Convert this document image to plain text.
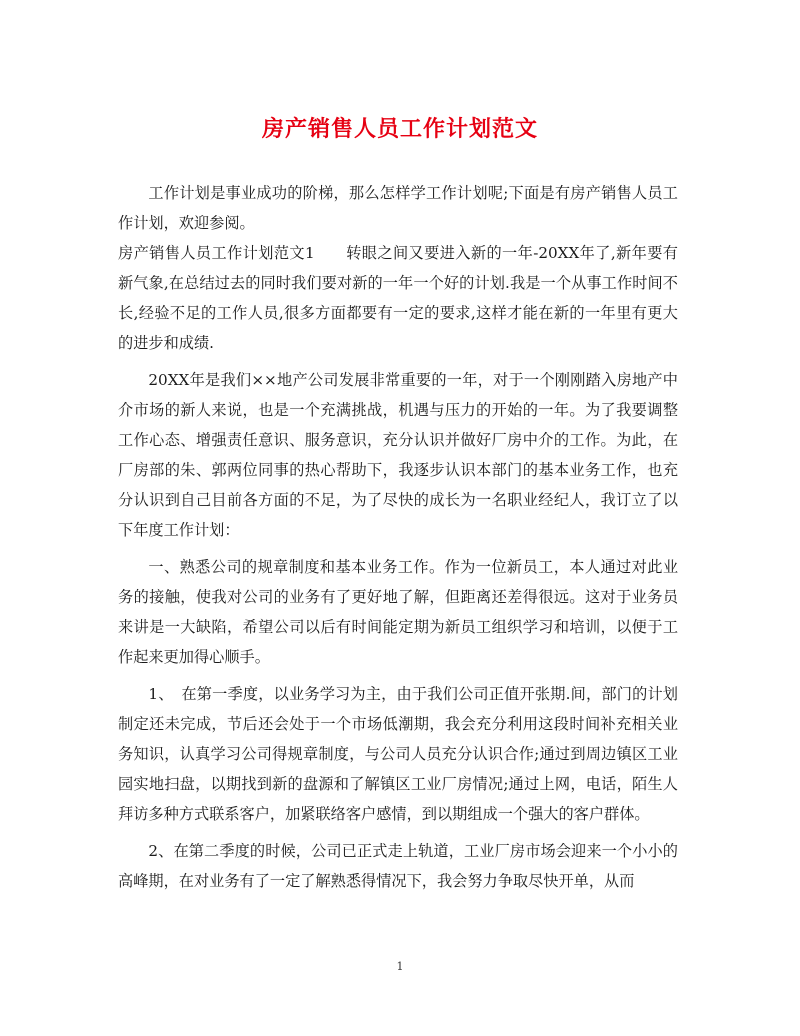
房产销售人员工作计划范文

工作计划是事业成功的阶梯，那么怎样学工作计划呢;下面是有房产销售人员工作计划，欢迎参阅。

房产销售人员工作计划范文1　　转眼之间又要进入新的一年-20XX年了,新年要有新气象,在总结过去的同时我们要对新的一年一个好的计划.我是一个从事工作时间不长,经验不足的工作人员,很多方面都要有一定的要求,这样才能在新的一年里有更大的进步和成绩.

20XX年是我们××地产公司发展非常重要的一年，对于一个刚刚踏入房地产中介市场的新人来说，也是一个充满挑战，机遇与压力的开始的一年。为了我要调整工作心态、增强责任意识、服务意识，充分认识并做好厂房中介的工作。为此，在厂房部的朱、郭两位同事的热心帮助下，我逐步认识本部门的基本业务工作，也充分认识到自己目前各方面的不足，为了尽快的成长为一名职业经纪人，我订立了以下年度工作计划：

一、熟悉公司的规章制度和基本业务工作。作为一位新员工，本人通过对此业务的接触，使我对公司的业务有了更好地了解，但距离还差得很远。这对于业务员来讲是一大缺陷，希望公司以后有时间能定期为新员工组织学习和培训，以便于工作起来更加得心顺手。

1、　在第一季度，以业务学习为主，由于我们公司正值开张期.间，部门的计划制定还未完成，节后还会处于一个市场低潮期，我会充分利用这段时间补充相关业务知识，认真学习公司得规章制度，与公司人员充分认识合作;通过到周边镇区工业园实地扫盘，以期找到新的盘源和了解镇区工业厂房情况;通过上网，电话，陌生人拜访多种方式联系客户，加紧联络客户感情，到以期组成一个强大的客户群体。

2、在第二季度的时候，公司已正式走上轨道，工业厂房市场会迎来一个小小的高峰期，在对业务有了一定了解熟悉得情况下，我会努力争取尽快开单，从而

1
